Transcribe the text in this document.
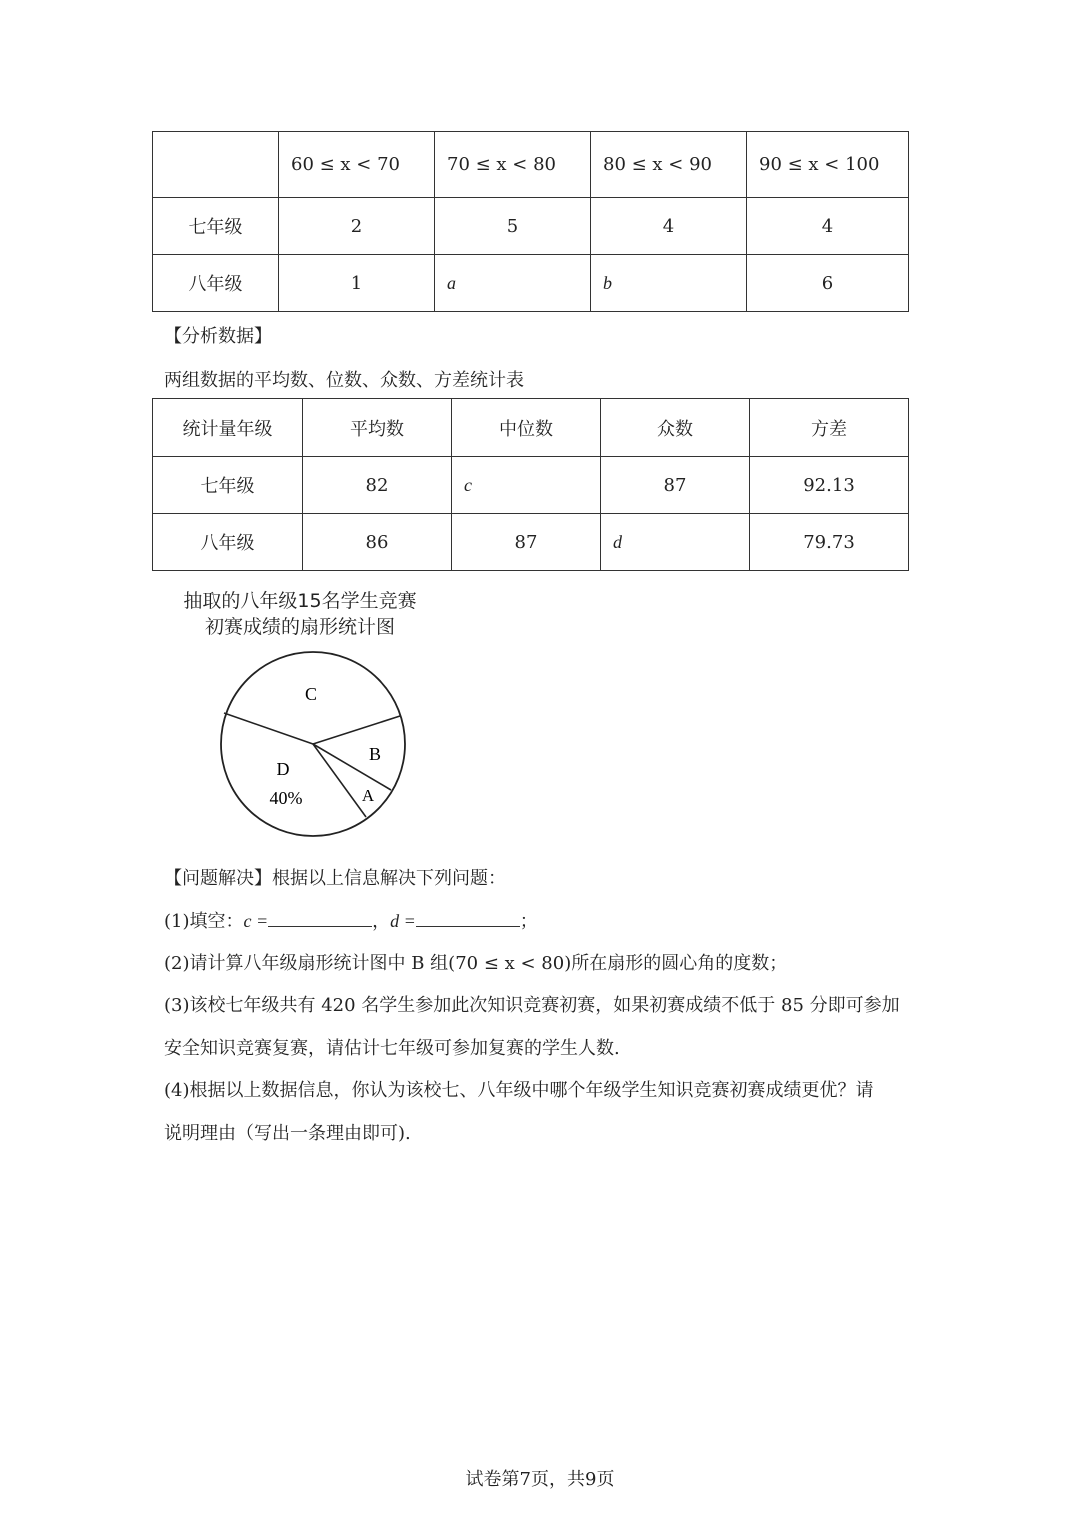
	60 ≤ x < 70	70 ≤ x < 80	80 ≤ x < 90	90 ≤ x < 100
七年级	2	5	4	4
八年级	1	a	b	6
【分析数据】
两组数据的平均数、位数、众数、方差统计表
统计量年级	平均数	中位数	众数	方差
七年级	82	c	87	92.13
八年级	86	87	d	79.73
抽取的八年级15名学生竞赛
初赛成绩的扇形统计图
C
B
A
D
40%
【问题解决】根据以上信息解决下列问题：
(1)填空：c =	，d =	；
(2)请计算八年级扇形统计图中 B 组(70 ≤ x < 80)所在扇形的圆心角的度数；
(3)该校七年级共有 420 名学生参加此次知识竞赛初赛，如果初赛成绩不低于 85 分即可参加
安全知识竞赛复赛，请估计七年级可参加复赛的学生人数.
(4)根据以上数据信息，你认为该校七、八年级中哪个年级学生知识竞赛初赛成绩更优？请
说明理由（写出一条理由即可).
试卷第7页，共9页
